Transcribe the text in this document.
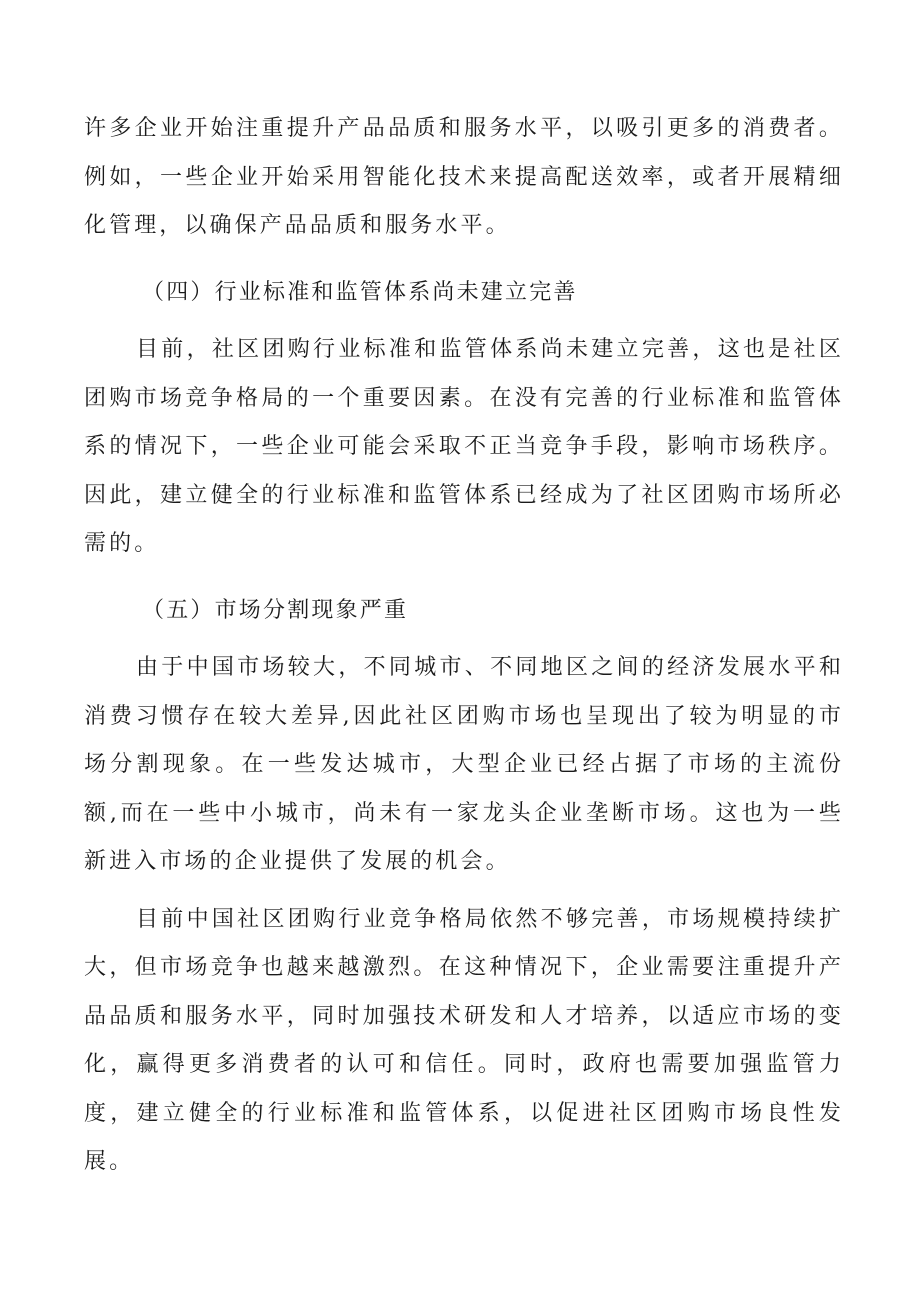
许多企业开始注重提升产品品质和服务水平，以吸引更多的消费者。例如，一些企业开始采用智能化技术来提高配送效率，或者开展精细化管理，以确保产品品质和服务水平。

（四）行业标准和监管体系尚未建立完善

目前，社区团购行业标准和监管体系尚未建立完善，这也是社区团购市场竞争格局的一个重要因素。在没有完善的行业标准和监管体系的情况下，一些企业可能会采取不正当竞争手段，影响市场秩序。因此，建立健全的行业标准和监管体系已经成为了社区团购市场所必需的。

（五）市场分割现象严重

由于中国市场较大，不同城市、不同地区之间的经济发展水平和消费习惯存在较大差异,因此社区团购市场也呈现出了较为明显的市场分割现象。在一些发达城市，大型企业已经占据了市场的主流份额,而在一些中小城市，尚未有一家龙头企业垄断市场。这也为一些新进入市场的企业提供了发展的机会。

目前中国社区团购行业竞争格局依然不够完善，市场规模持续扩大，但市场竞争也越来越激烈。在这种情况下，企业需要注重提升产品品质和服务水平，同时加强技术研发和人才培养，以适应市场的变化，赢得更多消费者的认可和信任。同时，政府也需要加强监管力度，建立健全的行业标准和监管体系，以促进社区团购市场良性发展。
